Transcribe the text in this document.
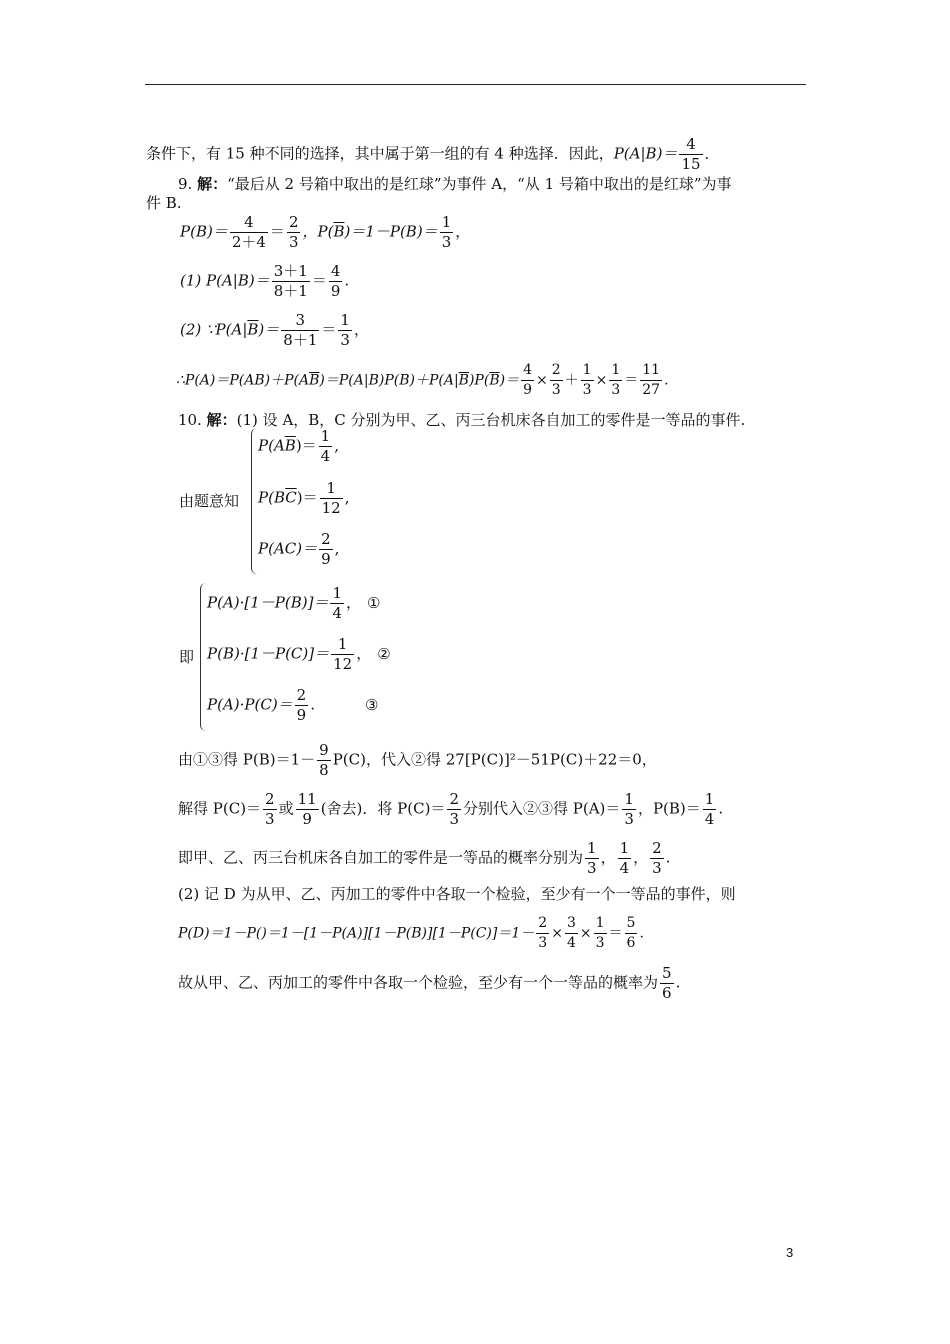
条件下，有 15 种不同的选择，其中属于第一组的有 4 种选择．因此，$P(A|B)= \frac{4}{15}$ ．
9. 解：“最后从 2 号箱中取出的是红球”为事件 A，“从 1 号箱中取出的是红球”为事
件 B.
$P(B)= \frac{4}{2+4} = \frac{2}{3}$ ，$P(\overline{B})=1-P(B)= \frac{1}{3}$ ，
(1) $P(A|B)= \frac{3+1}{8+1} = \frac{4}{9}$ .
(2) $\because P(A|\overline{B})= \frac{3}{8+1} = \frac{1}{3}$ ，
$\therefore P(A)=P(AB)+P(A\overline{B})=P(A|B)P(B)+P(A|\overline{B})P(\overline{B})= \frac{4}{9} \times \frac{2}{3} + \frac{1}{3} \times \frac{1}{3} = \frac{11}{27}$ .
10. 解：(1) 设 A，B，C 分别为甲、乙、丙三台机床各自加工的零件是一等品的事件.
由题意知
$P(A\overline{B})= \frac{1}{4}$ ,
$P(B\overline{C})= \frac{1}{12}$ ,
$P(AC)= \frac{2}{9}$ ,
即
$P(A)\cdot[1-P(B)]= \frac{1}{4}$ ， ①
$P(B)\cdot[1-P(C)]= \frac{1}{12}$ ， ②
$P(A)\cdot P(C)= \frac{2}{9}$ .	③
由①③得 $P(B)=1- \frac{9}{8} P(C)$，代入②得 27[P(C)]²－51P(C)＋22＝0，
解得 $P(C)= \frac{2}{3}$ 或 $\frac{11}{9}$ (舍去)．将 $P(C)= \frac{2}{3}$ 分别代入②③得 $P(A)= \frac{1}{3}$ ，$P(B)= \frac{1}{4}$ .
即甲、乙、丙三台机床各自加工的零件是一等品的概率分别为 $\frac{1}{3}$ ， $\frac{1}{4}$ ， $\frac{2}{3}$ .
(2) 记 D 为从甲、乙、丙加工的零件中各取一个检验，至少有一个一等品的事件，则
$P(D)=1-P()=1-[1-P(A)][1-P(B)][1-P(C)]=1- \frac{2}{3} \times \frac{3}{4} \times \frac{1}{3} = \frac{5}{6}$ .
故从甲、乙、丙加工的零件中各取一个检验，至少有一个一等品的概率为 $\frac{5}{6}$ .
3
